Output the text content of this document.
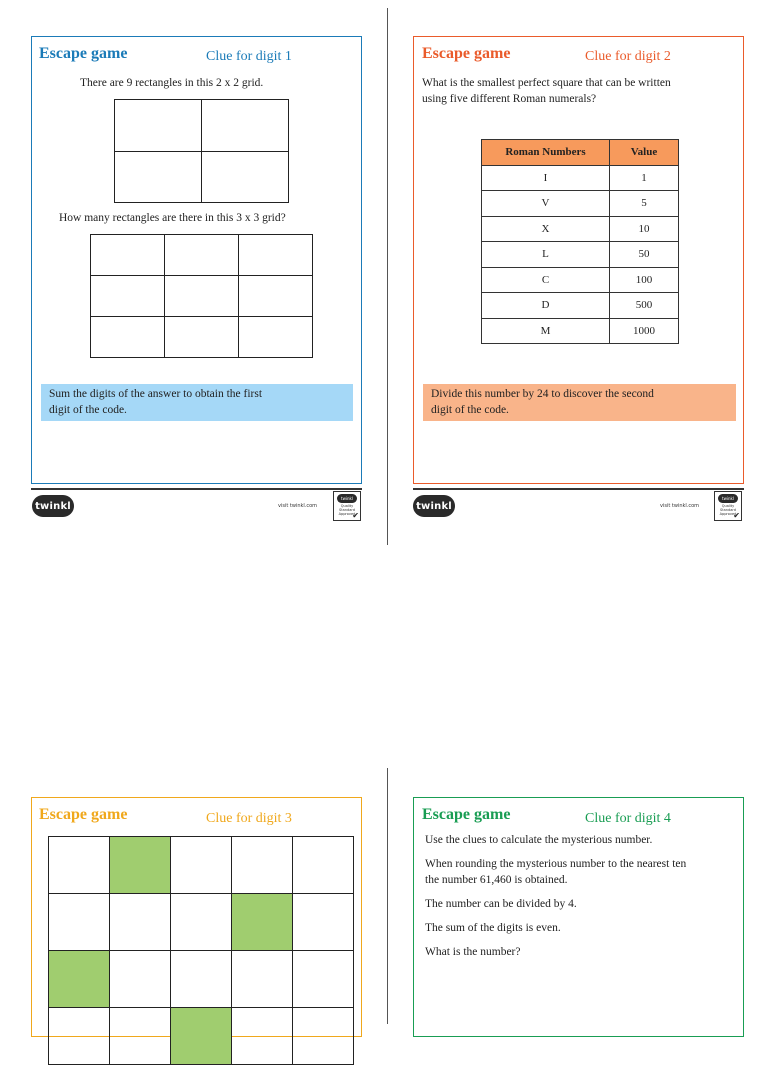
Escape game	Clue for digit 1
There are 9 rectangles in this 2 x 2 grid.

How many rectangles are there in this 3 x 3 grid?

Sum the digits of the answer to obtain the first
digit of the code.
Escape game	Clue for digit 2
What is the smallest perfect square that can be written
using five different Roman numerals?
Roman Numbers	Value
I	1
V	5
X	10
L	50
C	100
D	500
M	1000
Divide this number by 24 to discover the second
digit of the code.
twinkl	visit twinkl.com
twinkl
Quality Standard Approved
✔
twinkl	visit twinkl.com
twinkl
Quality Standard Approved
✔
Escape game	Clue for digit 3

					Escape game	Clue for digit 4
Use the clues to calculate the mysterious number.
When rounding the mysterious number to the nearest ten
the number 61,460 is obtained.
The number can be divided by 4.
The sum of the digits is even.
What is the number?
